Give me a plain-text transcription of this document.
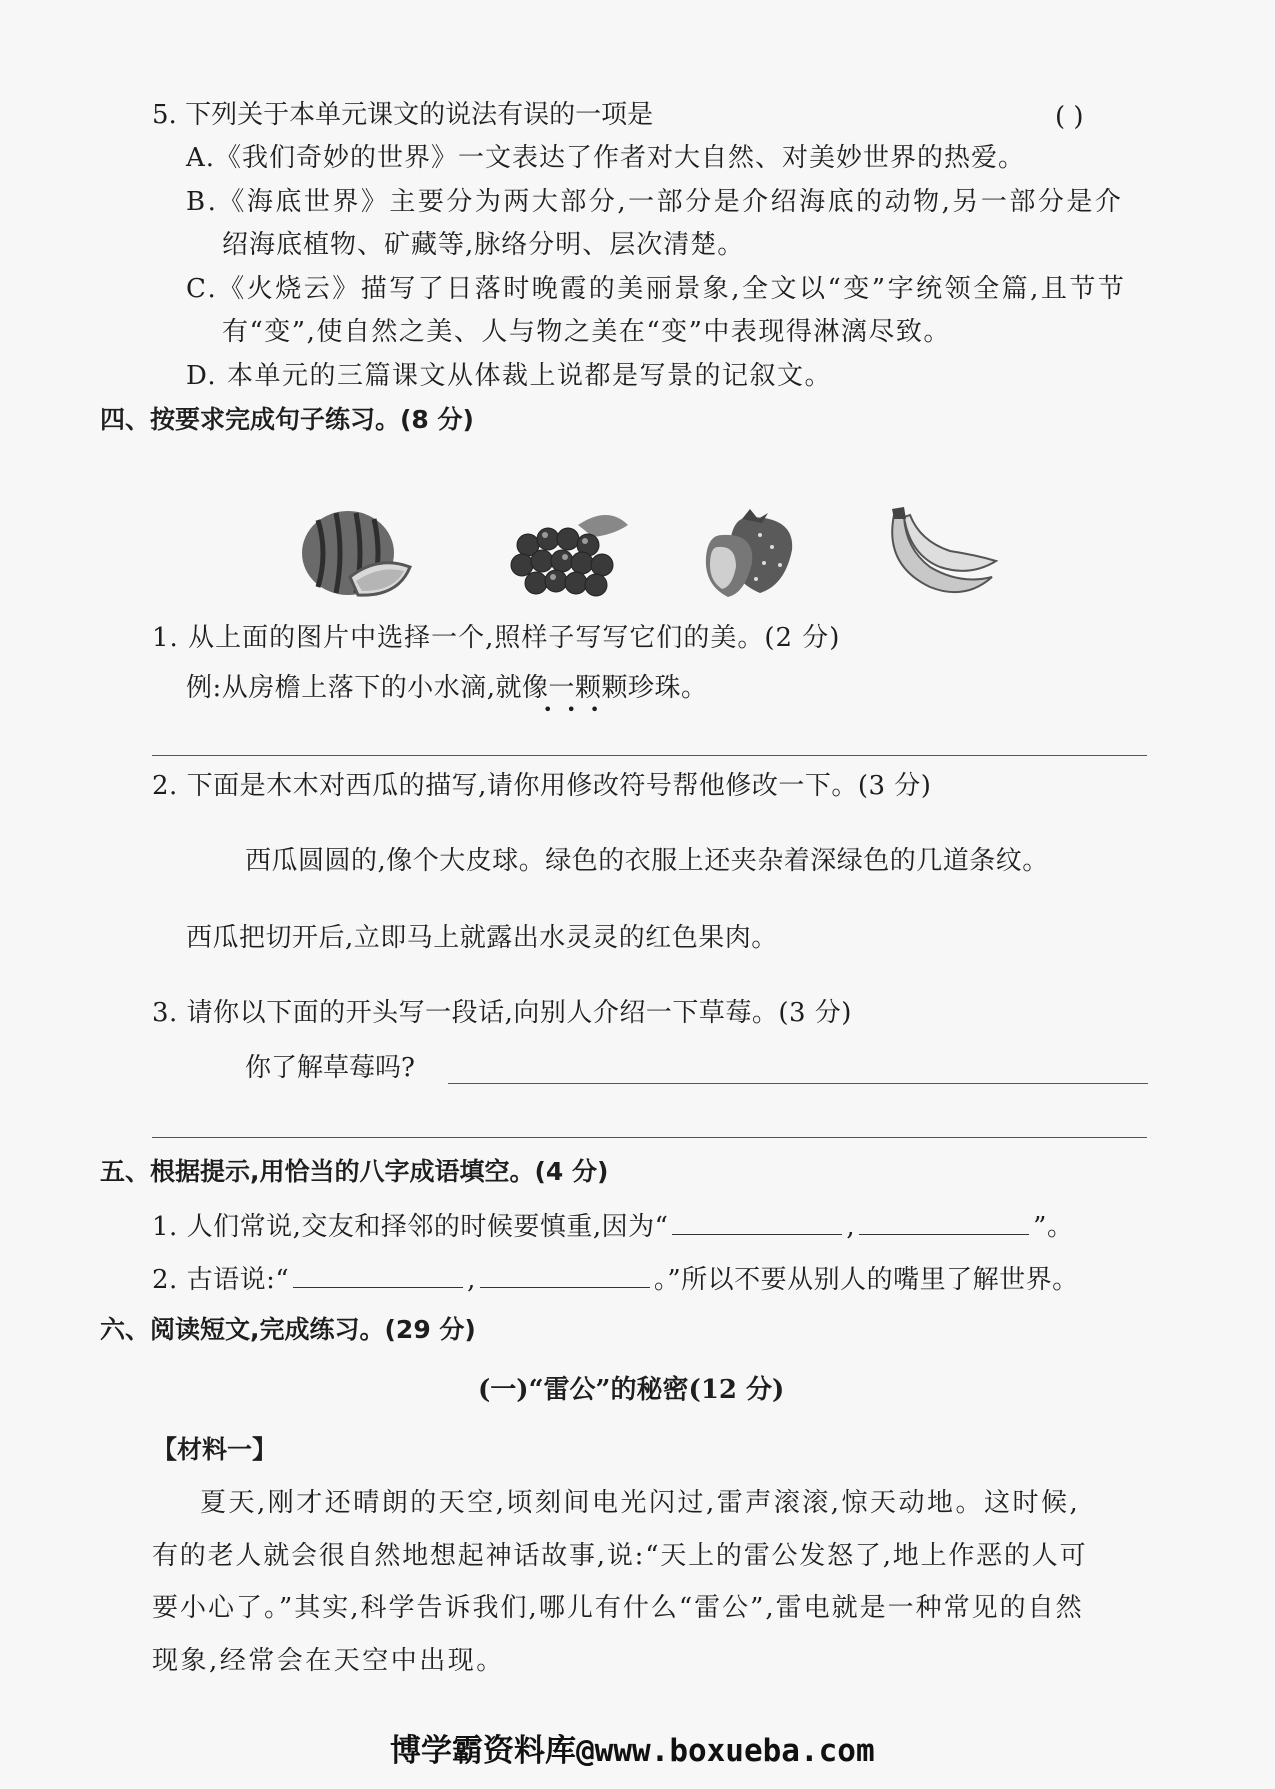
5. 下列关于本单元课文的说法有误的一项是	( )
A.《我们奇妙的世界》一文表达了作者对大自然、对美妙世界的热爱。
B.《海底世界》主要分为两大部分,一部分是介绍海底的动物,另一部分是介
绍海底植物、矿藏等,脉络分明、层次清楚。
C.《火烧云》描写了日落时晚霞的美丽景象,全文以“变”字统领全篇,且节节
有“变”,使自然之美、人与物之美在“变”中表现得淋漓尽致。
D. 本单元的三篇课文从体裁上说都是写景的记叙文。
四、按要求完成句子练习。(8 分)
1. 从上面的图片中选择一个,照样子写写它们的美。(2 分)
例:从房檐上落下的小水滴,就像一颗颗珍珠。
•••
2. 下面是木木对西瓜的描写,请你用修改符号帮他修改一下。(3 分)
西瓜圆圆的,像个大皮球。绿色的衣服上还夹杂着深绿色的几道条纹。
西瓜把切开后,立即马上就露出水灵灵的红色果肉。
3. 请你以下面的开头写一段话,向别人介绍一下草莓。(3 分)
你了解草莓吗?
五、根据提示,用恰当的八字成语填空。(4 分)
1. 人们常说,交友和择邻的时候要慎重,因为“	,	”。
2. 古语说:“	,	。”所以不要从别人的嘴里了解世界。
六、阅读短文,完成练习。(29 分)
(一)“雷公”的秘密(12 分)
【材料一】
夏天,刚才还晴朗的天空,顷刻间电光闪过,雷声滚滚,惊天动地。这时候,
有的老人就会很自然地想起神话故事,说:“天上的雷公发怒了,地上作恶的人可
要小心了。”其实,科学告诉我们,哪儿有什么“雷公”,雷电就是一种常见的自然
现象,经常会在天空中出现。
博学霸资料库@www.boxueba.com
